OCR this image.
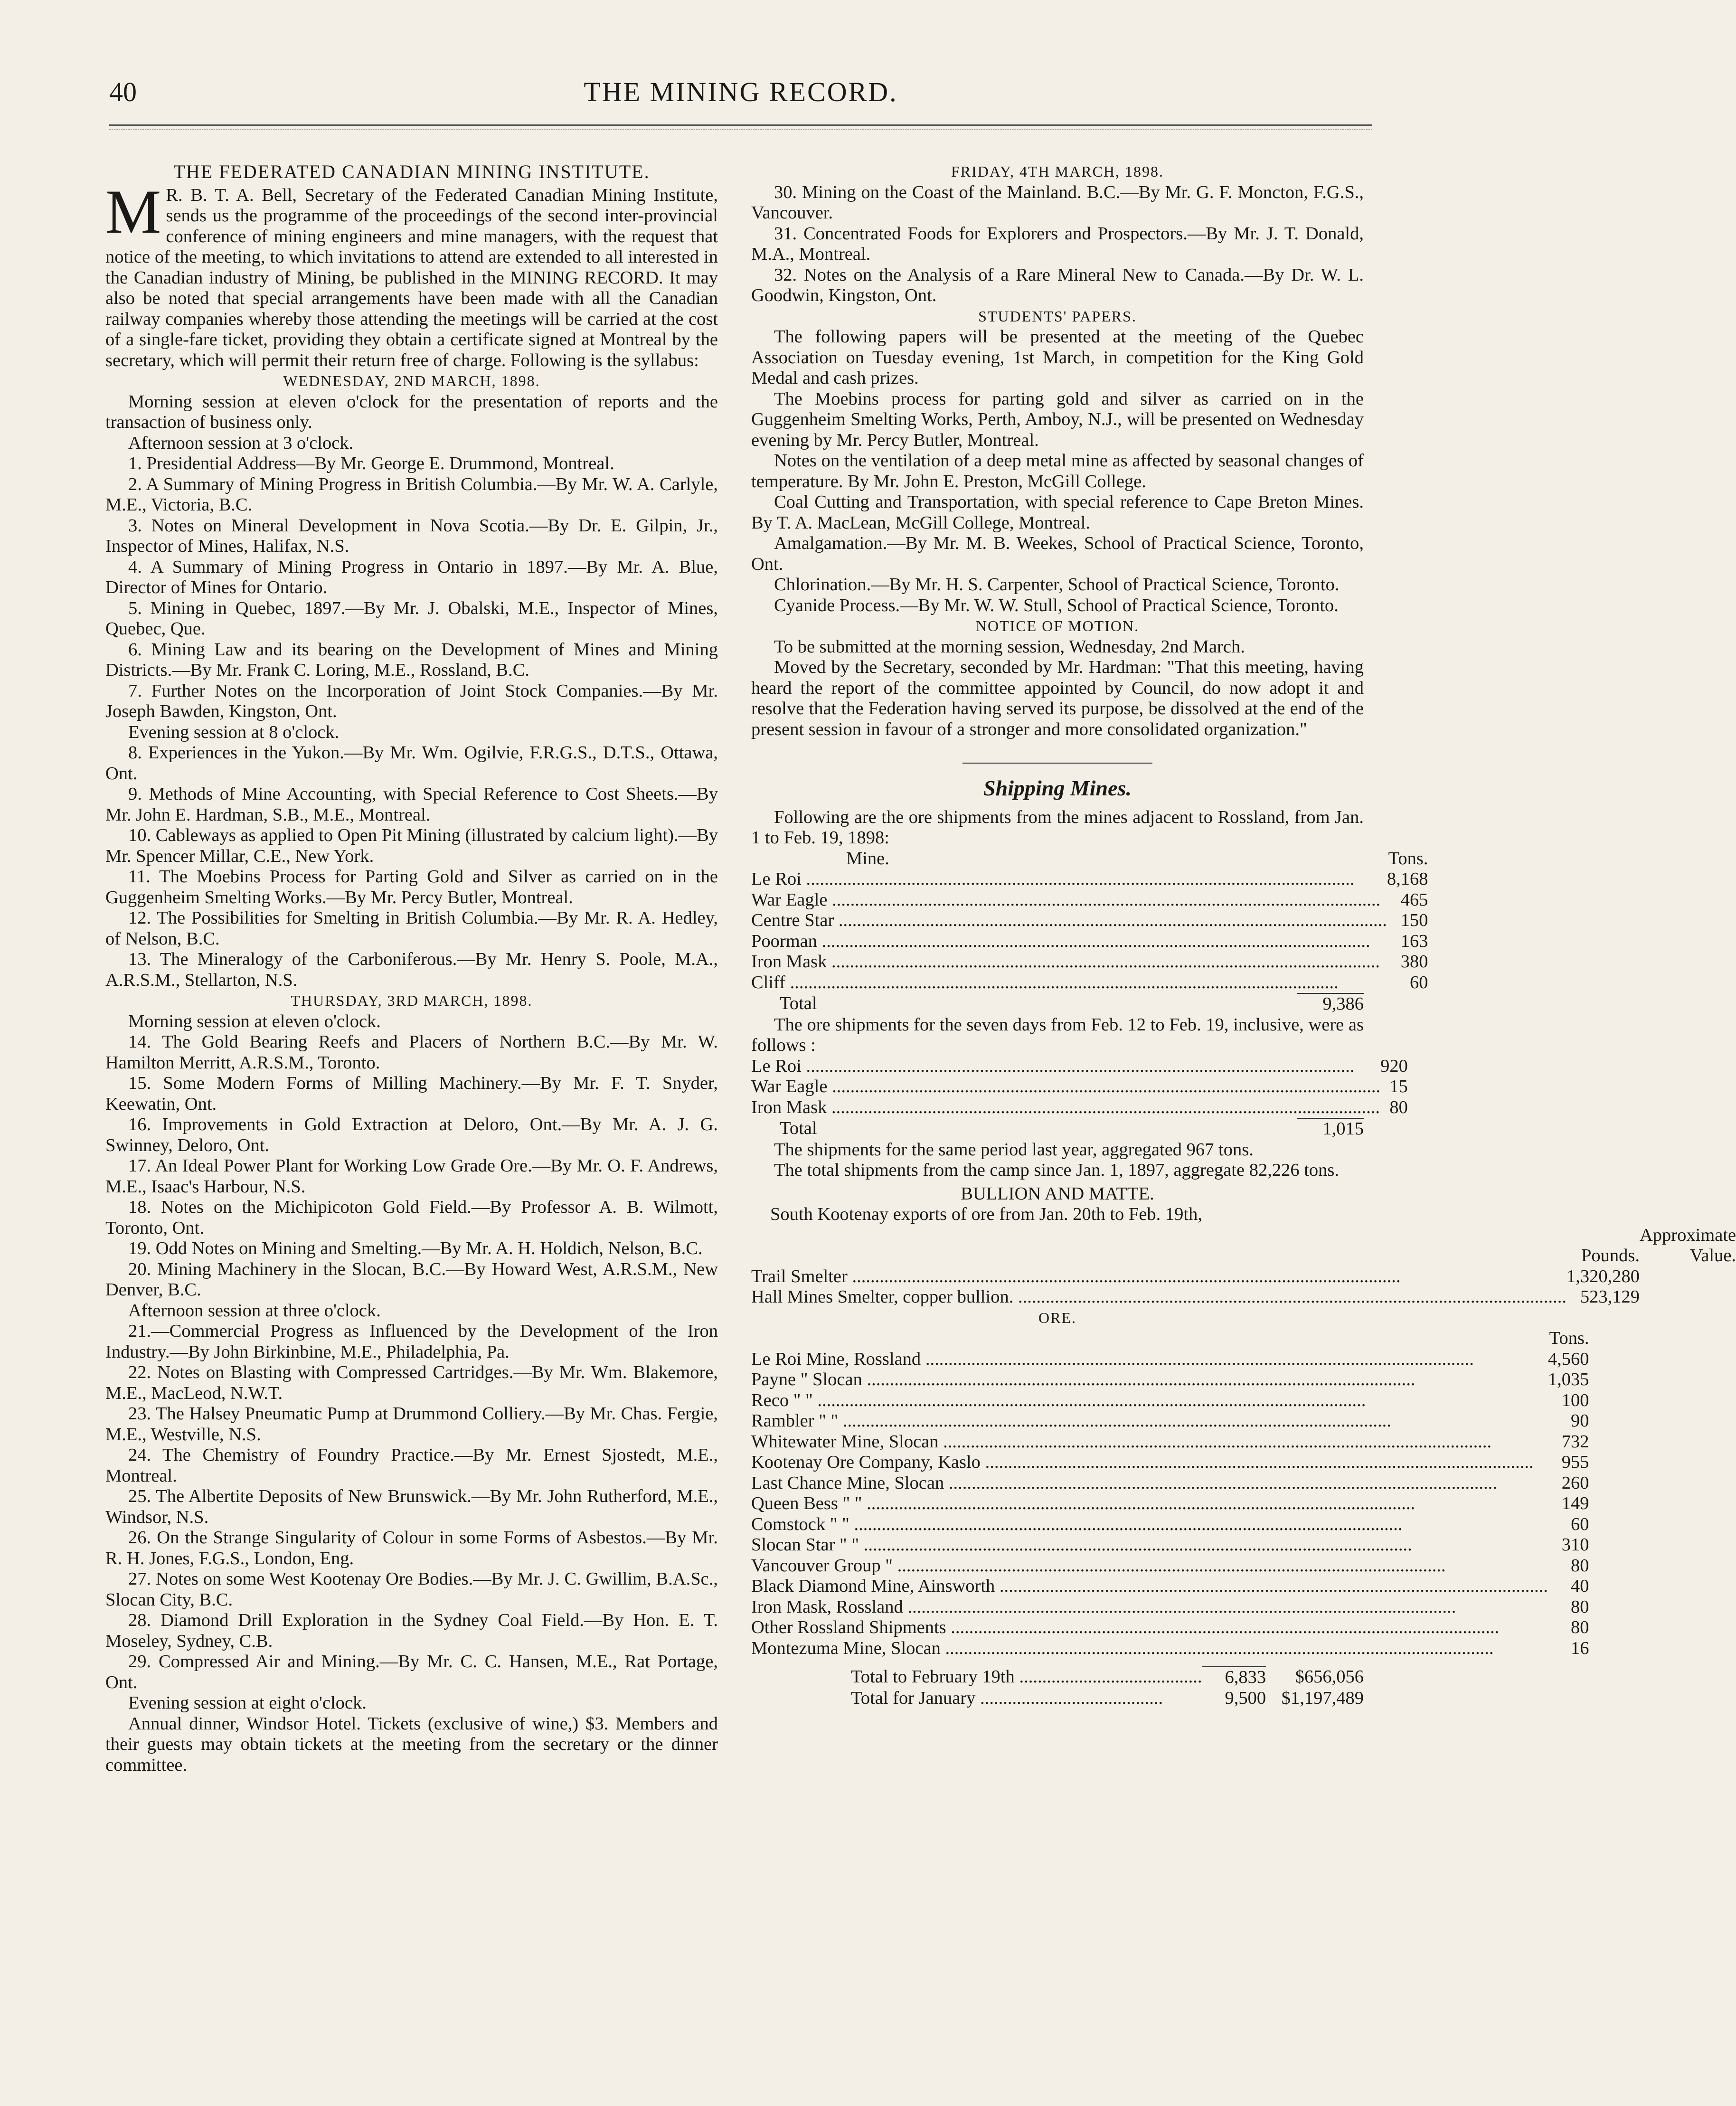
40	THE MINING RECORD.
THE FEDERATED CANADIAN MINING INSTITUTE.

M R. B. T. A. Bell, Secretary of the Federated Canadian Mining Institute, sends us the programme of the proceedings of the second inter-provincial conference of mining engineers and mine managers, with the request that notice of the meeting, to which invitations to attend are extended to all interested in the Canadian industry of Mining, be published in the MINING RECORD. It may also be noted that special arrangements have been made with all the Canadian railway companies whereby those attending the meetings will be carried at the cost of a single-fare ticket, providing they obtain a certificate signed at Montreal by the secretary, which will permit their return free of charge. Following is the syllabus:

WEDNESDAY, 2ND MARCH, 1898.

Morning session at eleven o'clock for the presentation of reports and the transaction of business only.

Afternoon session at 3 o'clock.

1. Presidential Address—By Mr. George E. Drummond, Montreal.

2. A Summary of Mining Progress in British Columbia.—By Mr. W. A. Carlyle, M.E., Victoria, B.C.

3. Notes on Mineral Development in Nova Scotia.—By Dr. E. Gilpin, Jr., Inspector of Mines, Halifax, N.S.

4. A Summary of Mining Progress in Ontario in 1897.—By Mr. A. Blue, Director of Mines for Ontario.

5. Mining in Quebec, 1897.—By Mr. J. Obalski, M.E., Inspector of Mines, Quebec, Que.

6. Mining Law and its bearing on the Development of Mines and Mining Districts.—By Mr. Frank C. Loring, M.E., Rossland, B.C.

7. Further Notes on the Incorporation of Joint Stock Companies.—By Mr. Joseph Bawden, Kingston, Ont.

Evening session at 8 o'clock.

8. Experiences in the Yukon.—By Mr. Wm. Ogilvie, F.R.G.S., D.T.S., Ottawa, Ont.

9. Methods of Mine Accounting, with Special Reference to Cost Sheets.—By Mr. John E. Hardman, S.B., M.E., Montreal.

10. Cableways as applied to Open Pit Mining (illustrated by calcium light).—By Mr. Spencer Millar, C.E., New York.

11. The Moebins Process for Parting Gold and Silver as carried on in the Guggenheim Smelting Works.—By Mr. Percy Butler, Montreal.

12. The Possibilities for Smelting in British Columbia.—By Mr. R. A. Hedley, of Nelson, B.C.

13. The Mineralogy of the Carboniferous.—By Mr. Henry S. Poole, M.A., A.R.S.M., Stellarton, N.S.

THURSDAY, 3RD MARCH, 1898.

Morning session at eleven o'clock.

14. The Gold Bearing Reefs and Placers of Northern B.C.—By Mr. W. Hamilton Merritt, A.R.S.M., Toronto.

15. Some Modern Forms of Milling Machinery.—By Mr. F. T. Snyder, Keewatin, Ont.

16. Improvements in Gold Extraction at Deloro, Ont.—By Mr. A. J. G. Swinney, Deloro, Ont.

17. An Ideal Power Plant for Working Low Grade Ore.—By Mr. O. F. Andrews, M.E., Isaac's Harbour, N.S.

18. Notes on the Michipicoton Gold Field.—By Professor A. B. Wilmott, Toronto, Ont.

19. Odd Notes on Mining and Smelting.—By Mr. A. H. Holdich, Nelson, B.C.

20. Mining Machinery in the Slocan, B.C.—By Howard West, A.R.S.M., New Denver, B.C.

Afternoon session at three o'clock.

21.—Commercial Progress as Influenced by the Development of the Iron Industry.—By John Birkinbine, M.E., Philadelphia, Pa.

22. Notes on Blasting with Compressed Cartridges.—By Mr. Wm. Blakemore, M.E., MacLeod, N.W.T.

23. The Halsey Pneumatic Pump at Drummond Colliery.—By Mr. Chas. Fergie, M.E., Westville, N.S.

24. The Chemistry of Foundry Practice.—By Mr. Ernest Sjostedt, M.E., Montreal.

25. The Albertite Deposits of New Brunswick.—By Mr. John Rutherford, M.E., Windsor, N.S.

26. On the Strange Singularity of Colour in some Forms of Asbestos.—By Mr. R. H. Jones, F.G.S., London, Eng.

27. Notes on some West Kootenay Ore Bodies.—By Mr. J. C. Gwillim, B.A.Sc., Slocan City, B.C.

28. Diamond Drill Exploration in the Sydney Coal Field.—By Hon. E. T. Moseley, Sydney, C.B.

29. Compressed Air and Mining.—By Mr. C. C. Hansen, M.E., Rat Portage, Ont.

Evening session at eight o'clock.

Annual dinner, Windsor Hotel. Tickets (exclusive of wine,) $3. Members and their guests may obtain tickets at the meeting from the secretary or the dinner committee.

FRIDAY, 4TH MARCH, 1898.

30. Mining on the Coast of the Mainland. B.C.—By Mr. G. F. Moncton, F.G.S., Vancouver.

31. Concentrated Foods for Explorers and Prospectors.—By Mr. J. T. Donald, M.A., Montreal.

32. Notes on the Analysis of a Rare Mineral New to Canada.—By Dr. W. L. Goodwin, Kingston, Ont.

STUDENTS' PAPERS.

The following papers will be presented at the meeting of the Quebec Association on Tuesday evening, 1st March, in competition for the King Gold Medal and cash prizes.

The Moebins process for parting gold and silver as carried on in the Guggenheim Smelting Works, Perth, Amboy, N.J., will be presented on Wednesday evening by Mr. Percy Butler, Montreal.

Notes on the ventilation of a deep metal mine as affected by seasonal changes of temperature. By Mr. John E. Preston, McGill College.

Coal Cutting and Transportation, with special reference to Cape Breton Mines. By T. A. MacLean, McGill College, Montreal.

Amalgamation.—By Mr. M. B. Weekes, School of Practical Science, Toronto, Ont.

Chlorination.—By Mr. H. S. Carpenter, School of Practical Science, Toronto.

Cyanide Process.—By Mr. W. W. Stull, School of Practical Science, Toronto.

NOTICE OF MOTION.

To be submitted at the morning session, Wednesday, 2nd March.

Moved by the Secretary, seconded by Mr. Hardman: "That this meeting, having heard the report of the committee appointed by Council, do now adopt it and resolve that the Federation having served its purpose, be dissolved at the end of the present session in favour of a stronger and more consolidated organization."

Shipping Mines.

Following are the ore shipments from the mines adjacent to Rossland, from Jan. 1 to Feb. 19, 1898:

Mine.	Tons.
Le Roi ........................................................................................................................	8,168
War Eagle ........................................................................................................................	465
Centre Star ........................................................................................................................	150
Poorman ........................................................................................................................	163
Iron Mask ........................................................................................................................	380
Cliff ........................................................................................................................	60
Total	9,386

The ore shipments for the seven days from Feb. 12 to Feb. 19, inclusive, were as follows :

Le Roi ........................................................................................................................	920
War Eagle ........................................................................................................................	15
Iron Mask ........................................................................................................................	80
Total	1,015

The shipments for the same period last year, aggregated 967 tons.

The total shipments from the camp since Jan. 1, 1897, aggregate 82,226 tons.

BULLION AND MATTE.

South Kootenay exports of ore from Jan. 20th to Feb. 19th,

		Approximate
	Pounds.	Value.
Trail Smelter ........................................................................................................................	1,320,280	
Hall Mines Smelter, copper bullion. ........................................................................................................................	523,129	
ORE.
	Tons.
Le Roi Mine, Rossland ........................................................................................................................	4,560
Payne " Slocan ........................................................................................................................	1,035
Reco " " ........................................................................................................................	100
Rambler " " ........................................................................................................................	90
Whitewater Mine, Slocan ........................................................................................................................	732
Kootenay Ore Company, Kaslo ........................................................................................................................	955
Last Chance Mine, Slocan ........................................................................................................................	260
Queen Bess " " ........................................................................................................................	149
Comstock " " ........................................................................................................................	60
Slocan Star " " ........................................................................................................................	310
Vancouver Group " ........................................................................................................................	80
Black Diamond Mine, Ainsworth ........................................................................................................................	40
Iron Mask, Rossland ........................................................................................................................	80
Other Rossland Shipments ........................................................................................................................	80
Montezuma Mine, Slocan ........................................................................................................................	16
Total to February 19th ........................................	6,833	$656,056
Total for January ........................................	9,500	$1,197,489
